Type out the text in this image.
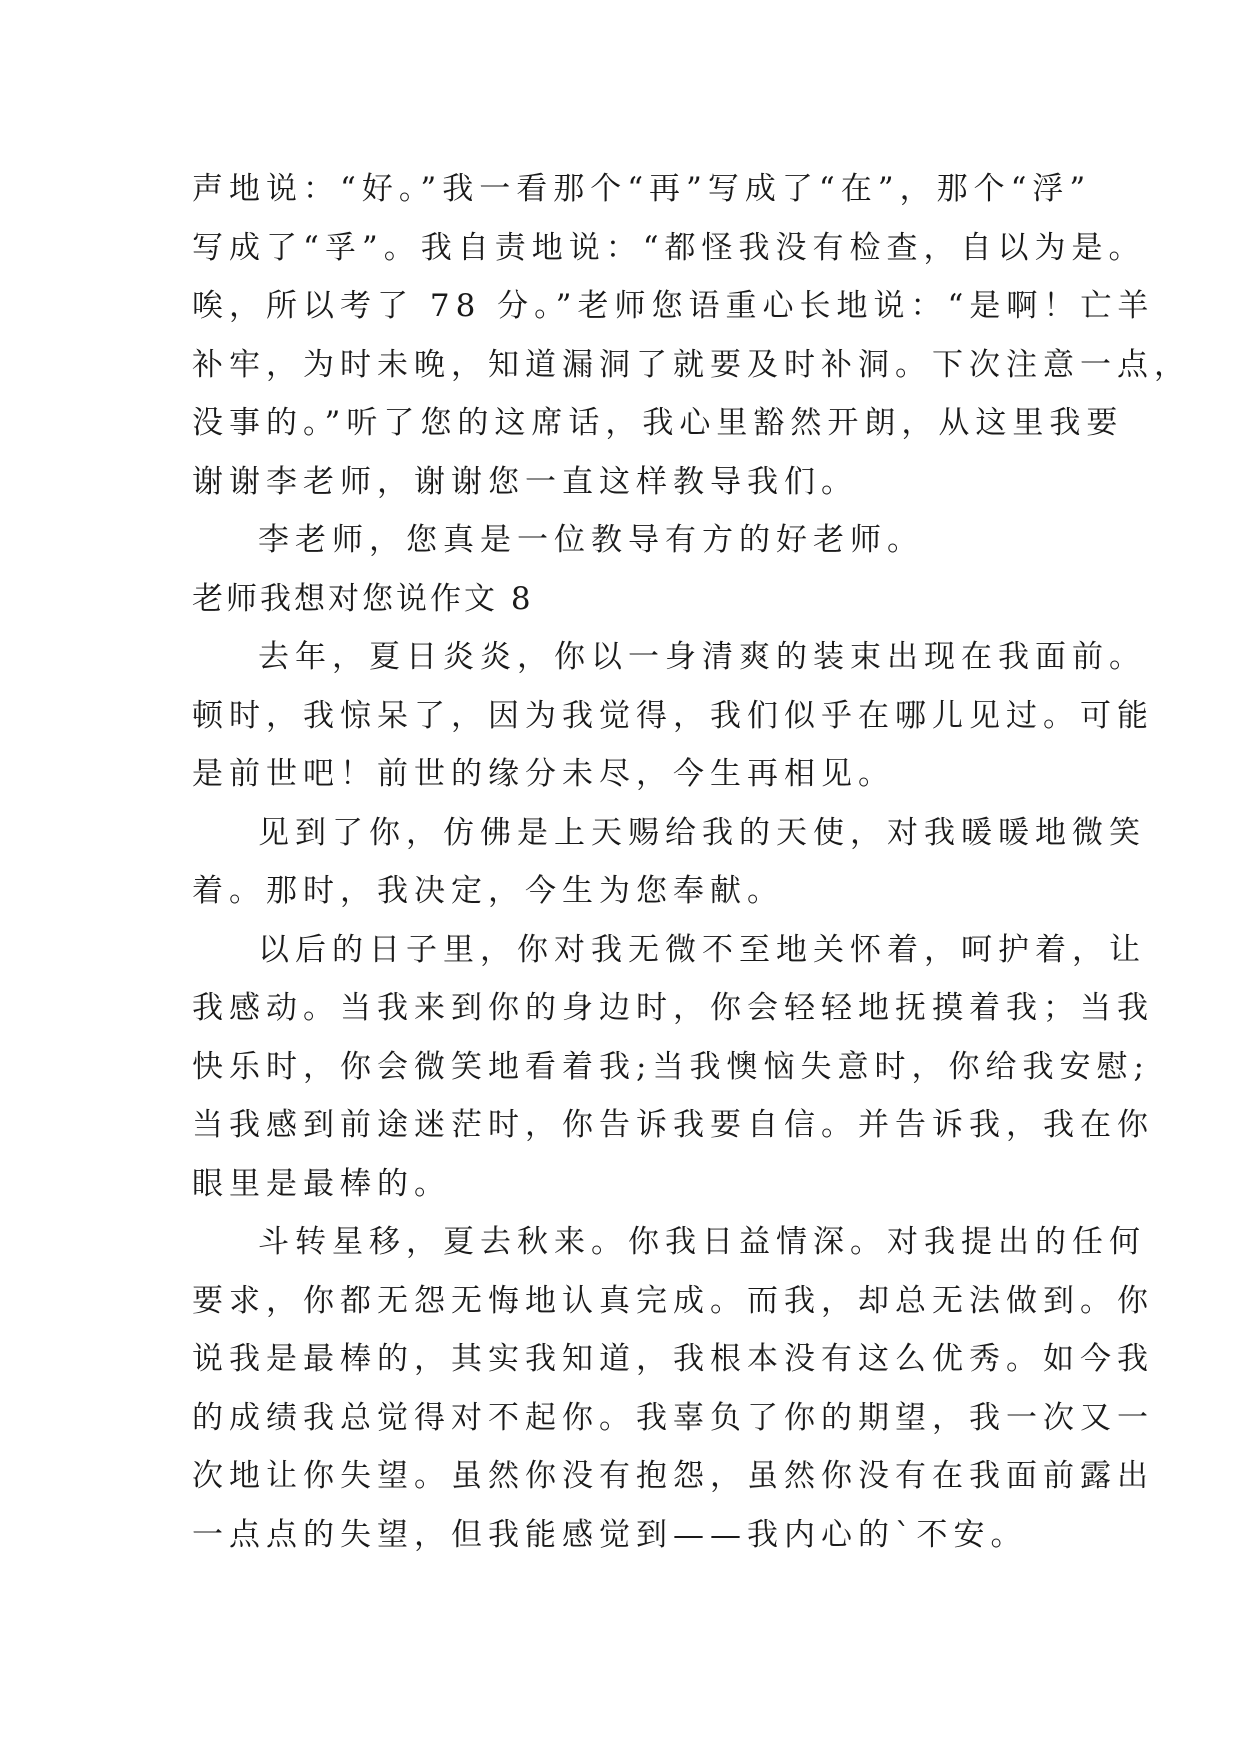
声地说：“好。”我一看那个“再”写成了“在”，那个“浮”
写成了“孚”。我自责地说：“都怪我没有检查，自以为是。
唉，所以考了 78 分。”老师您语重心长地说：“是啊！亡羊
补牢，为时未晚，知道漏洞了就要及时补洞。下次注意一点，
没事的。”听了您的这席话，我心里豁然开朗，从这里我要
谢谢李老师，谢谢您一直这样教导我们。
李老师，您真是一位教导有方的好老师。
老师我想对您说作文 8
去年，夏日炎炎，你以一身清爽的装束出现在我面前。
顿时，我惊呆了，因为我觉得，我们似乎在哪儿见过。可能
是前世吧！前世的缘分未尽，今生再相见。
见到了你，仿佛是上天赐给我的天使，对我暖暖地微笑
着。那时，我决定，今生为您奉献。
以后的日子里，你对我无微不至地关怀着，呵护着，让
我感动。当我来到你的身边时，你会轻轻地抚摸着我；当我
快乐时，你会微笑地看着我;当我懊恼失意时，你给我安慰;
当我感到前途迷茫时，你告诉我要自信。并告诉我，我在你
眼里是最棒的。
斗转星移，夏去秋来。你我日益情深。对我提出的任何
要求，你都无怨无悔地认真完成。而我，却总无法做到。你
说我是最棒的，其实我知道，我根本没有这么优秀。如今我
的成绩我总觉得对不起你。我辜负了你的期望，我一次又一
次地让你失望。虽然你没有抱怨，虽然你没有在我面前露出
一点点的失望，但我能感觉到——我内心的`不安。
